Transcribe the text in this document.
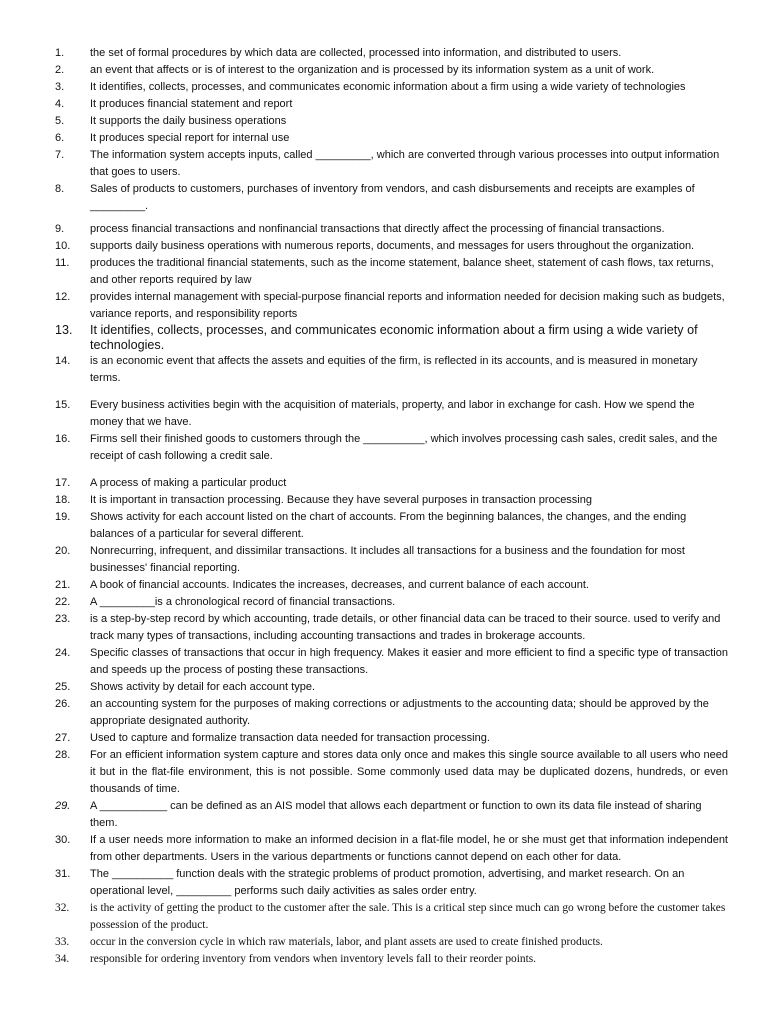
1.	the set of formal procedures by which data are collected, processed into information, and distributed to users.
2.	an event that affects or is of interest to the organization and is processed by its information system as a unit of work.
3.	It identifies, collects, processes, and communicates economic information about a firm using a wide variety of technologies
4.	It produces financial statement and report
5.	It supports the daily business operations
6.	It produces special report for internal use
7.	The information system accepts inputs, called _________, which are converted through various processes into output information that goes to users.
8.	Sales of products to customers, purchases of inventory from vendors, and cash disbursements and receipts are examples of _________.
9.	process financial transactions and nonfinancial transactions that directly affect the processing of financial transactions.
10.	supports daily business operations with numerous reports, documents, and messages for users throughout the organization.
11.	produces the traditional financial statements, such as the income statement, balance sheet, statement of cash flows, tax returns, and other reports required by law
12.	provides internal management with special-purpose financial reports and information needed for decision making such as budgets, variance reports, and responsibility reports
13.	It identifies, collects, processes, and communicates economic information about a firm using a wide variety of technologies.
14.	is an economic event that affects the assets and equities of the firm, is reflected in its accounts, and is measured in monetary terms.
15.	Every business activities begin with the acquisition of materials, property, and labor in exchange for cash. How we spend the money that we have.
16.	Firms sell their finished goods to customers through the __________, which involves processing cash sales, credit sales, and the receipt of cash following a credit sale.
17.	A process of making a particular product
18.	It is important in transaction processing. Because they have several purposes in transaction processing
19.	Shows activity for each account listed on the chart of accounts. From the beginning balances, the changes, and the ending balances of a particular for several different.
20.	Nonrecurring, infrequent, and dissimilar transactions. It includes all transactions for a business and the foundation for most businesses' financial reporting.
21.	A book of financial accounts. Indicates the increases, decreases, and current balance of each account.
22.	A _________is a chronological record of financial transactions.
23.	is a step-by-step record by which accounting, trade details, or other financial data can be traced to their source. used to verify and track many types of transactions, including accounting transactions and trades in brokerage accounts.
24.	Specific classes of transactions that occur in high frequency. Makes it easier and more efficient to find a specific type of transaction and speeds up the process of posting these transactions.
25.	Shows activity by detail for each account type.
26.	an accounting system for the purposes of making corrections or adjustments to the accounting data; should be approved by the appropriate designated authority.
27.	Used to capture and formalize transaction data needed for transaction processing.
28.	For an efficient information system capture and stores data only once and makes this single source available to all users who need it but in the flat-file environment, this is not possible. Some commonly used data may be duplicated dozens, hundreds, or even thousands of time.
29.	A ___________ can be defined as an AIS model that allows each department or function to own its data file instead of sharing them.
30.	If a user needs more information to make an informed decision in a flat-file model, he or she must get that information independent from other departments. Users in the various departments or functions cannot depend on each other for data.
31.	The __________ function deals with the strategic problems of product promotion, advertising, and market research. On an operational level, _________ performs such daily activities as sales order entry.
32.	is the activity of getting the product to the customer after the sale. This is a critical step since much can go wrong before the customer takes possession of the product.
33.	occur in the conversion cycle in which raw materials, labor, and plant assets are used to create finished products.
34.	responsible for ordering inventory from vendors when inventory levels fall to their reorder points.
